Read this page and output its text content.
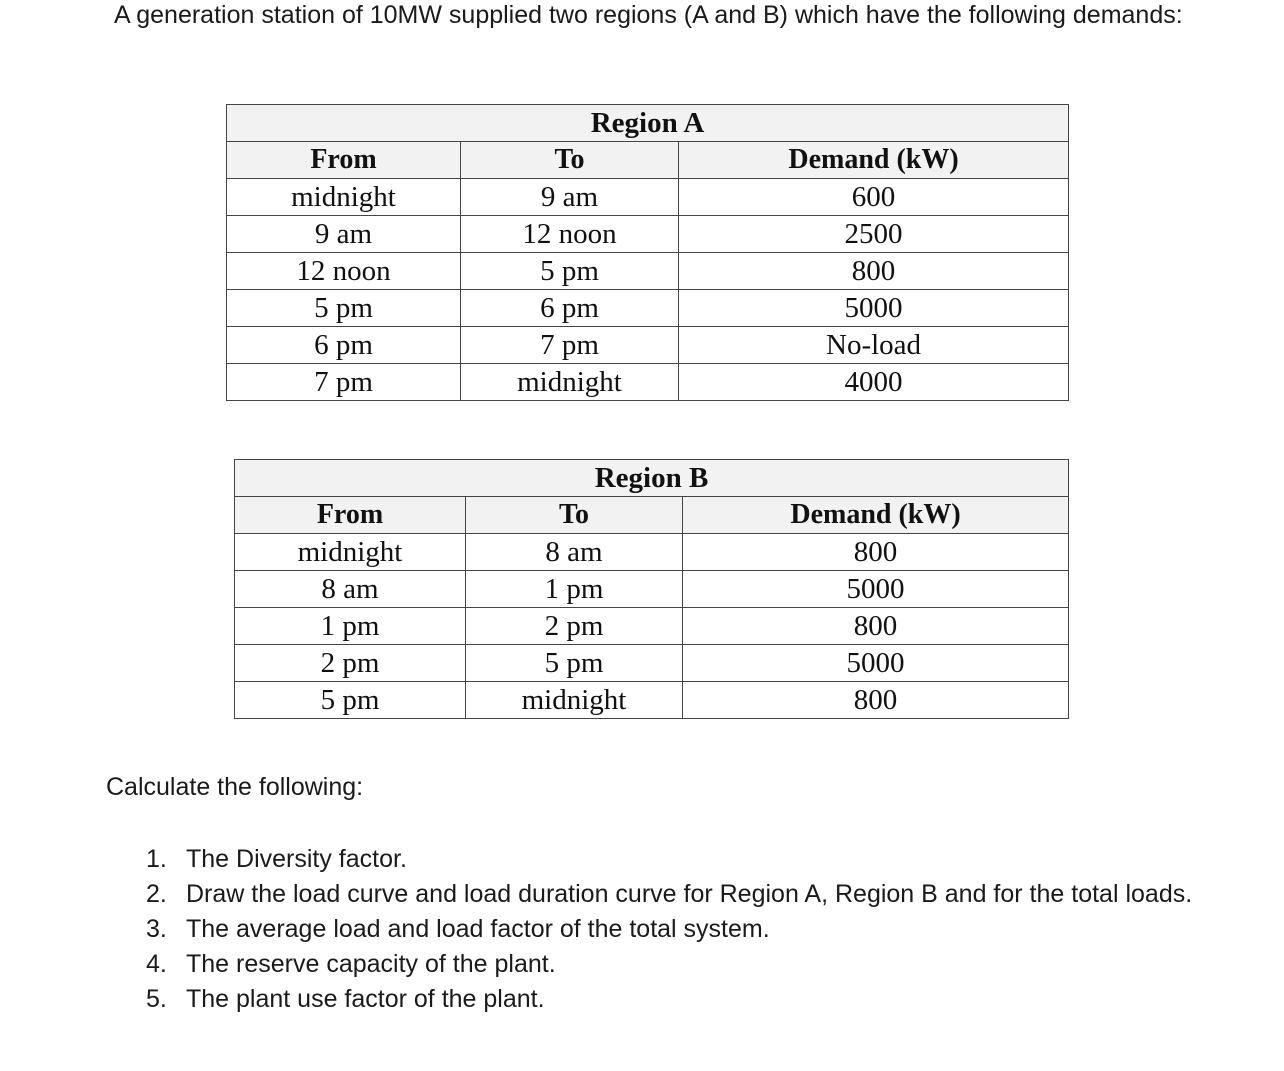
A generation station of 10MW supplied two regions (A and B) which have the following demands:

Region A		
From	To	Demand (kW)
midnight	9 am	600
9 am	12 noon	2500
12 noon	5 pm	800
5 pm	6 pm	5000
6 pm	7 pm	No-load
7 pm	midnight	4000
Region B		
From	To	Demand (kW)
midnight	8 am	800
8 am	1 pm	5000
1 pm	2 pm	800
2 pm	5 pm	5000
5 pm	midnight	800

Calculate the following:

1. The Diversity factor.
2. Draw the load curve and load duration curve for Region A, Region B and for the total loads.
3. The average load and load factor of the total system.
4. The reserve capacity of the plant.
5. The plant use factor of the plant.
